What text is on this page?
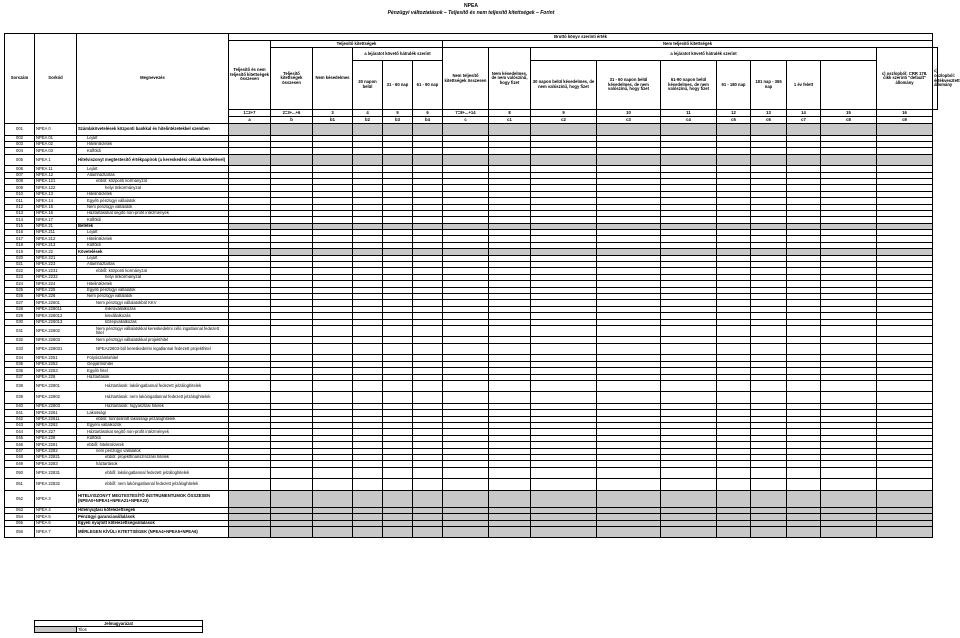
NPEA
Pénzügyi változtatások – Teljesítő és nem teljesítő kitettségek – Forint
Sorszám	Sorkód	Megnevezés	Bruttó könyv szerinti érték																
			Teljesítő és nem teljesítő kitettségek összesen	Teljesítő kitettségek					Nem teljesítő kitettségek										
				Teljesítő kitettségek összesen	Nem késedelmes	a lejáratot követő hátralék szerint			Nem teljesítő kitettségek összesen	Nem késedelmes, de nem valószínű, hogy fizet	a lejáratot követő hátralék szerint							c) oszlopból: CRR 178. cikk szerinti "default" állomány	c) oszlopból: értékvesztett állomány
						30 napon belül	31 - 60 nap	61 - 90 nap			30 napon belül késedelmes, de nem valószínű, hogy fizet	31 - 60 napon belül késedelmes, de nem valószínű, hogy fizet	61-90 napon belül késedelmes, de nem valószínű, hogy fizet	91 - 180 nap	181 nap - 365 nap	1 év felett			
			1=2+7	2=3+...+6	3	4	5	6	7=8+...+14	8	9	10	11	12	13	14	15	16	
			a	b	b1	b2	b3	b4	c	c1	c2	c3	c4	c5	c6	c7	c8	c9	
001	NPEA 0	Számlakövetelések központi bankkal és hitelintézetekkel szemben																	
002	NPEA 01	Lejárt																	
003	NPEA 02	Hitelintézetek																	
004	NPEA 03	Külföldi																	
005	NPEA 1	Hitelviszonyt megtestesítő értékpapírok (a kereskedési célúak kivételével)																	
006	NPEA 11	Lejárt																	
007	NPEA 12	Államháztartás																	
008	NPEA 121	ebből: központi kormányzat																	
009	NPEA 122	helyi önkormányzat																	
010	NPEA 13	Hitelintézetek																	
011	NPEA 14	Egyéb pénzügyi vállalatok																	
012	NPEA 15	Nem pénzügyi vállalatok																	
013	NPEA 16	Háztartásokat segítő non-profit intézmények																	
014	NPEA 17	Külföldi																	
015	NPEA 21	Betétek																	
016	NPEA 211	Lejárt																	
017	NPEA 212	Hitelintézetek																	
018	NPEA 213	Külföldi																	
019	NPEA 22	Követelések																	
020	NPEA 221	Lejárt																	
021	NPEA 223	Államháztartás																	
022	NPEA 2231	ebből: központi kormányzat																	
023	NPEA 2232	helyi önkormányzat																	
024	NPEA 224	Hitelintézetek																	
025	NPEA 225	Egyéb pénzügyi vállalatok																	
026	NPEA 226	Nem pénzügyi vállalatok																	
027	NPEA 22601	Nem pénzügyi vállalatokból KKV																	
028	NPEA 226011	mikrovállalkozás																	
029	NPEA 226012	kisvállalkozás																	
030	NPEA 226013	középvállalkozás																	
031	NPEA 22602	Nem pénzügyi vállalatokkal kereskedelmi célú ingatlannal fedezett hitel																	
032	NPEA 22603	Nem pénzügyi vállalatokkal projekthitel																	
033	NPEA 226031	NPEA22603-ból kereskedelmi ingatlannal fedezett projekthitel																	
034	NPEA 2251	Folyószámlahitel																	
035	NPEA 2252	Gépjárműhitel																	
036	NPEA 2253	Egyéb hitel																	
037	NPEA 228	Háztartások																	
038	NPEA 22801	Háztartások: lakóingatlannal fedezett jelzáloghitelek																	
039	NPEA 22802	Háztartások: nem lakóingatlannal fedezett jelzáloghitelek																	
040	NPEA 22803	Háztartások: fogyasztási hitelek																	
041	NPEA 2261	Lakossági																	
042	NPEA 22611	ebből: forintosított lakossági jelzáloghitelek																	
043	NPEA 2262	Egyéni vállalkozók																	
044	NPEA 227	Háztartásokat segítő non-profit intézmények																	
045	NPEA 228	Külföldi																	
046	NPEA 2281	ebből: hitelintézetek																	
047	NPEA 2282	nem pénzügyi vállalatok																	
048	NPEA 22821	ebből: projektfinanszírozási hitelek																	
049	NPEA 2283	háztartások																	
050	NPEA 22831	ebből: lakóingatlannal fedezett jelzáloghitelek																	
051	NPEA 22832	ebből: nem lakóingatlannal fedezett jelzáloghitelek																	
052	NPEA 3	HITELVISZONYT MEGTESTESÍTŐ INSTRUMENTUMOK ÖSSZESEN (NPEA0+NPEA1+NPEA21+NPEA22)																	
053	NPEA 4	Hitelnyújtási kötelezettségek																	
054	NPEA 5	Pénzügyi garanciavállalások																	
055	NPEA 6	Egyéb nyújtott kötelezettségvállalások																	
056	NPEA 7	MÉRLEGEN KÍVÜLI KITETTSÉGEK (NPEA4+NPEA5+NPEA6)																	
Jelmagyarázat
	Tilos
